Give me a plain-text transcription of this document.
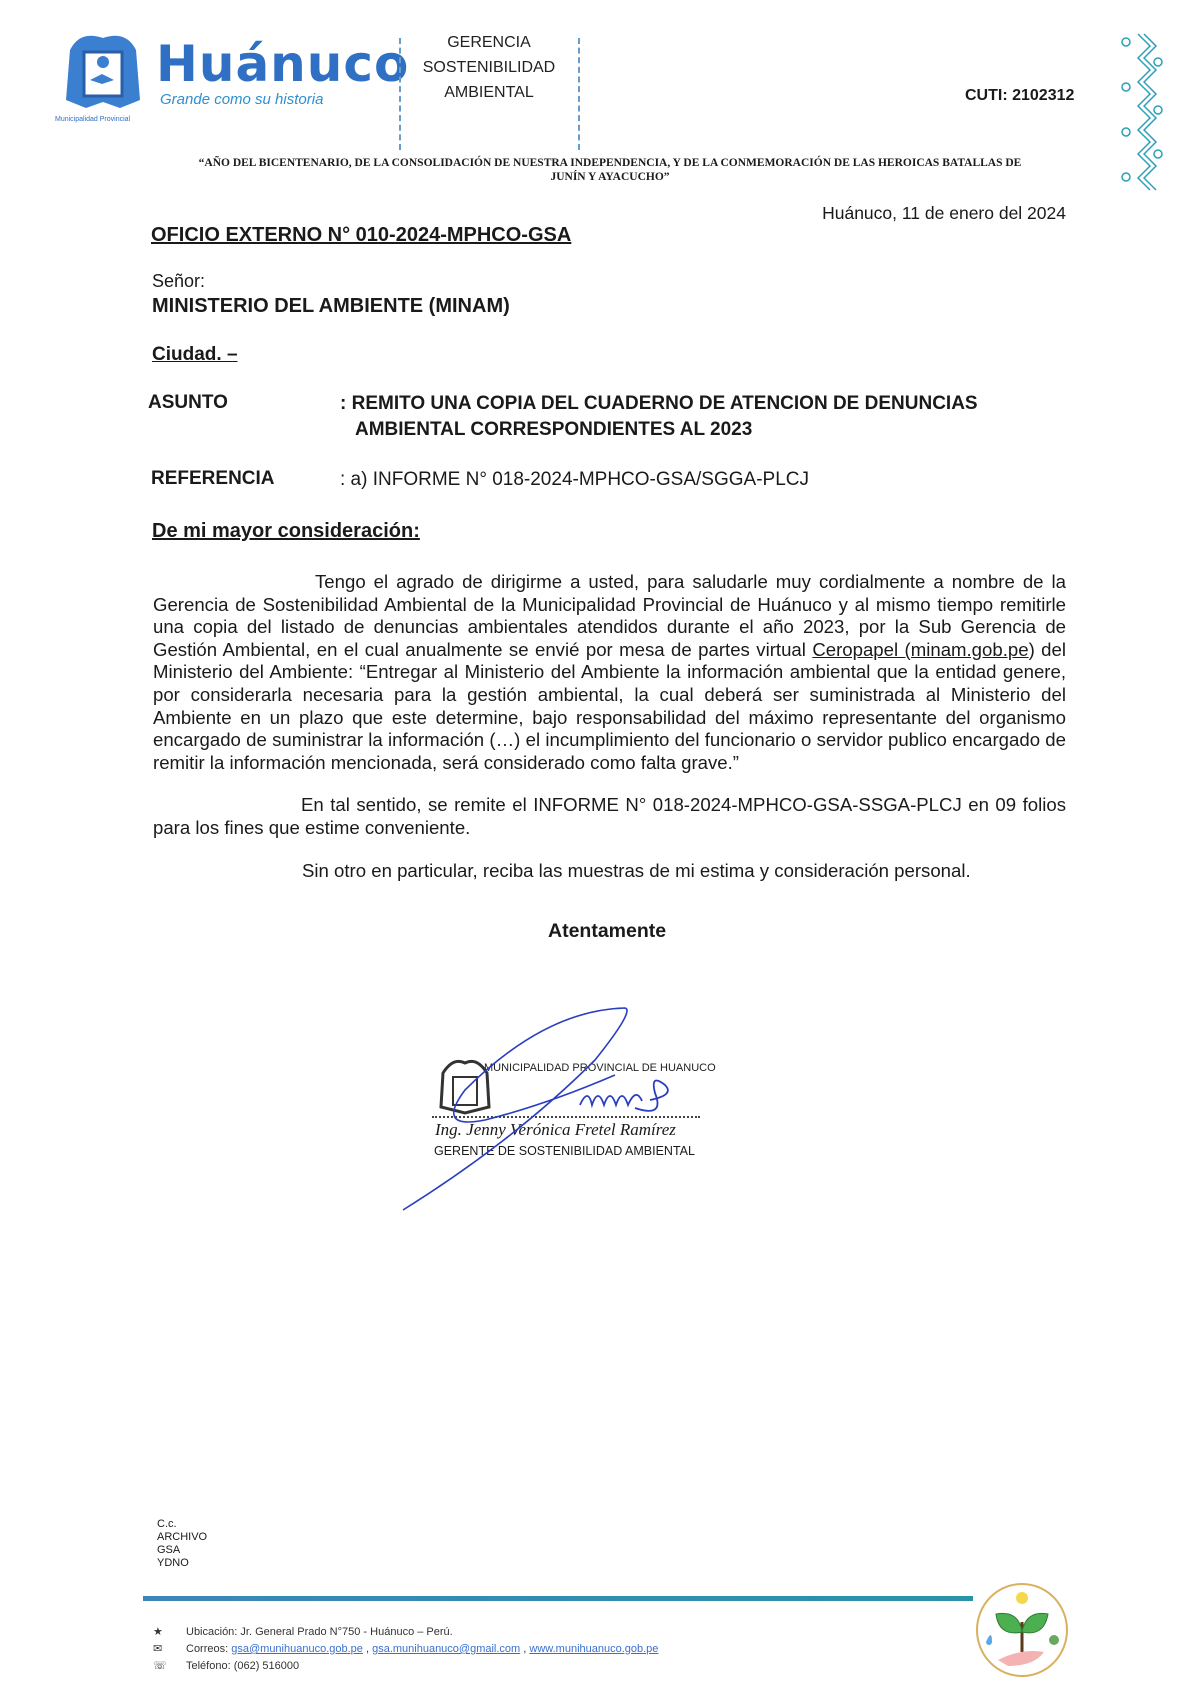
Municipalidad Provincial
Huánuco
Grande como su historia
GERENCIA
SOSTENIBILIDAD
AMBIENTAL	CUTI: 2102312
“AÑO DEL BICENTENARIO, DE LA CONSOLIDACIÓN DE NUESTRA INDEPENDENCIA, Y DE LA CONMEMORACIÓN DE LAS HEROICAS BATALLAS DE
JUNÍN Y AYACUCHO”
Huánuco, 11 de enero del 2024
OFICIO EXTERNO N° 010-2024-MPHCO-GSA
Señor:
MINISTERIO DEL AMBIENTE (MINAM)
Ciudad. –
ASUNTO	: REMITO UNA COPIA DEL CUADERNO DE ATENCION DE DENUNCIAS
AMBIENTAL CORRESPONDIENTES AL 2023
REFERENCIA	: a) INFORME N° 018-2024-MPHCO-GSA/SGGA-PLCJ
De mi mayor consideración:
Tengo el agrado de dirigirme a usted, para saludarle muy cordialmente a nombre de la Gerencia de Sostenibilidad Ambiental de la Municipalidad Provincial de Huánuco y al mismo tiempo remitirle una copia del listado de denuncias ambientales atendidos durante el año 2023, por la Sub Gerencia de Gestión Ambiental, en el cual anualmente se envié por mesa de partes virtual Ceropapel (minam.gob.pe) del Ministerio del Ambiente: “Entregar al Ministerio del Ambiente la información ambiental que la entidad genere, por considerarla necesaria para la gestión ambiental, la cual deberá ser suministrada al Ministerio del Ambiente en un plazo que este determine, bajo responsabilidad del máximo representante del organismo encargado de suministrar la información (…) el incumplimiento del funcionario o servidor publico encargado de remitir la información mencionada, será considerado como falta grave.”
En tal sentido, se remite el INFORME N° 018-2024-MPHCO-GSA-SSGA-PLCJ en 09 folios para los fines que estime conveniente.
Sin otro en particular, reciba las muestras de mi estima y consideración personal.
Atentamente
MUNICIPALIDAD PROVINCIAL DE HUANUCO
Ing. Jenny Verónica Fretel Ramírez
GERENTE DE SOSTENIBILIDAD AMBIENTAL
C.c.
ARCHIVO
GSA
YDNO
★ Ubicación: Jr. General Prado N°750 - Huánuco – Perú.
✉ Correos: gsa@munihuanuco.gob.pe , gsa.munihuanuco@gmail.com , www.munihuanuco.gob.pe
☏ Teléfono: (062) 516000
